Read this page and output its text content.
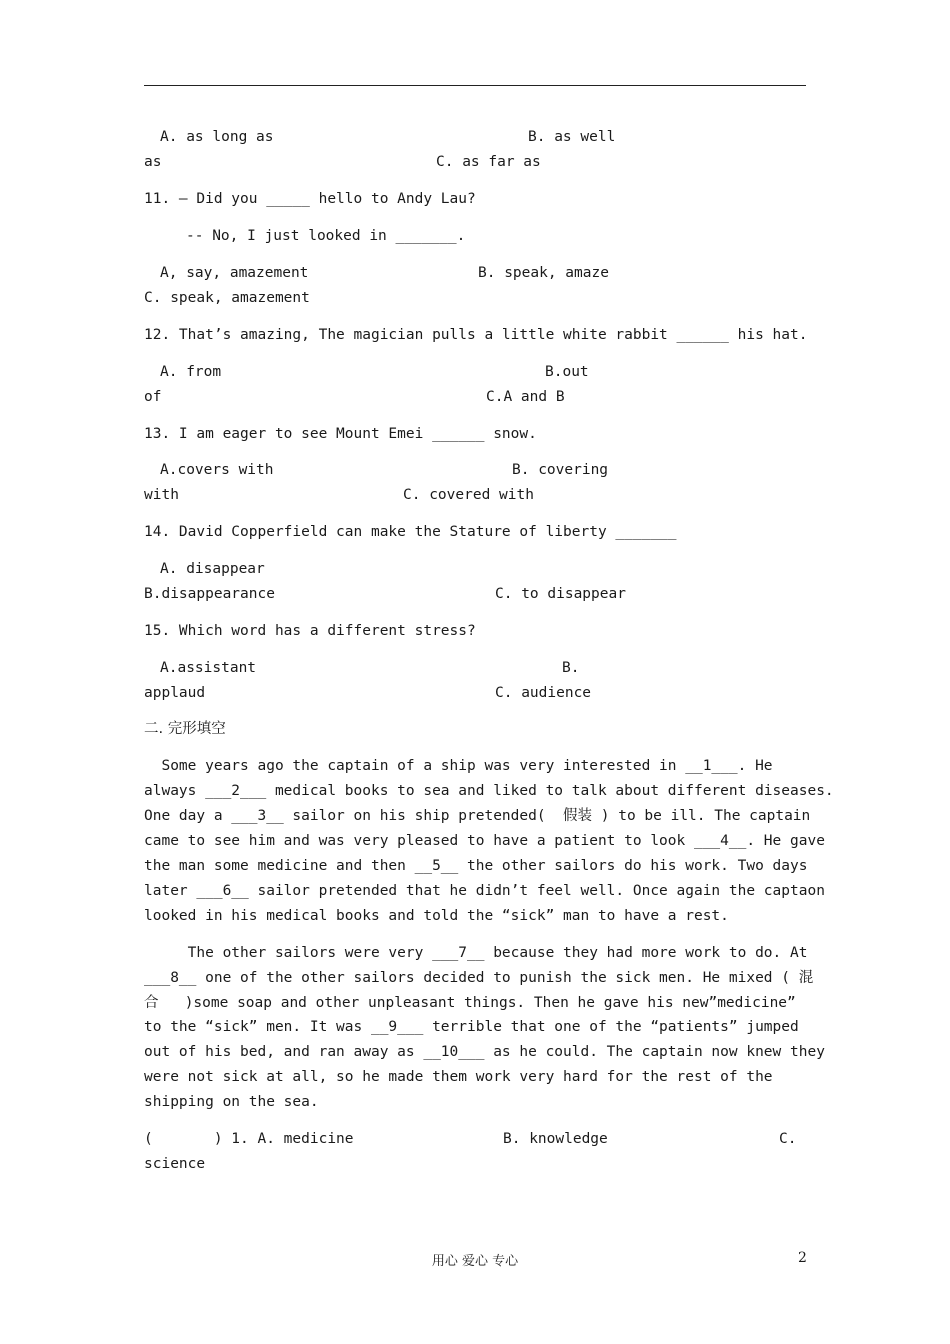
A. as long as	B. as well
as	C. as far as
11. – Did you _____ hello to Andy Lau?
-- No, I just looked in _______.
A, say, amazement	B. speak, amaze
C. speak, amazement
12. That’s amazing, The magician pulls a little white rabbit ______ his hat.
A. from	B.out
of	C.A and B
13. I am eager to see Mount Emei ______ snow.
A.covers with	B. covering
with	C. covered with
14. David Copperfield can make the Stature of liberty _______
A. disappear
B.disappearance	C. to disappear
15. Which word has a different stress?
A.assistant	B.
applaud	C. audience
二. 完形填空
Some years ago the captain of a ship was very interested in __1___. He
always ___2___ medical books to sea and liked to talk about different diseases.
One day a ___3__ sailor on his ship pretended(  假装 ) to be ill. The captain
came to see him and was very pleased to have a patient to look ___4__. He gave
the man some medicine and then __5__ the other sailors do his work. Two days
later ___6__ sailor pretended that he didn’t feel well. Once again the captaon
looked in his medical books and told the “sick” man to have a rest.
The other sailors were very ___7__ because they had more work to do. At
___8__ one of the other sailors decided to punish the sick men. He mixed ( 混
合   )some soap and other unpleasant things. Then he gave his new”medicine”
to the “sick” men. It was __9___ terrible that one of the “patients” jumped
out of his bed, and ran away as __10___ as he could. The captain now knew they
were not sick at all, so he made them work very hard for the rest of the
shipping on the sea.
(       ) 1. A. medicine	B. knowledge	C.
science
用心 爱心 专心	2
